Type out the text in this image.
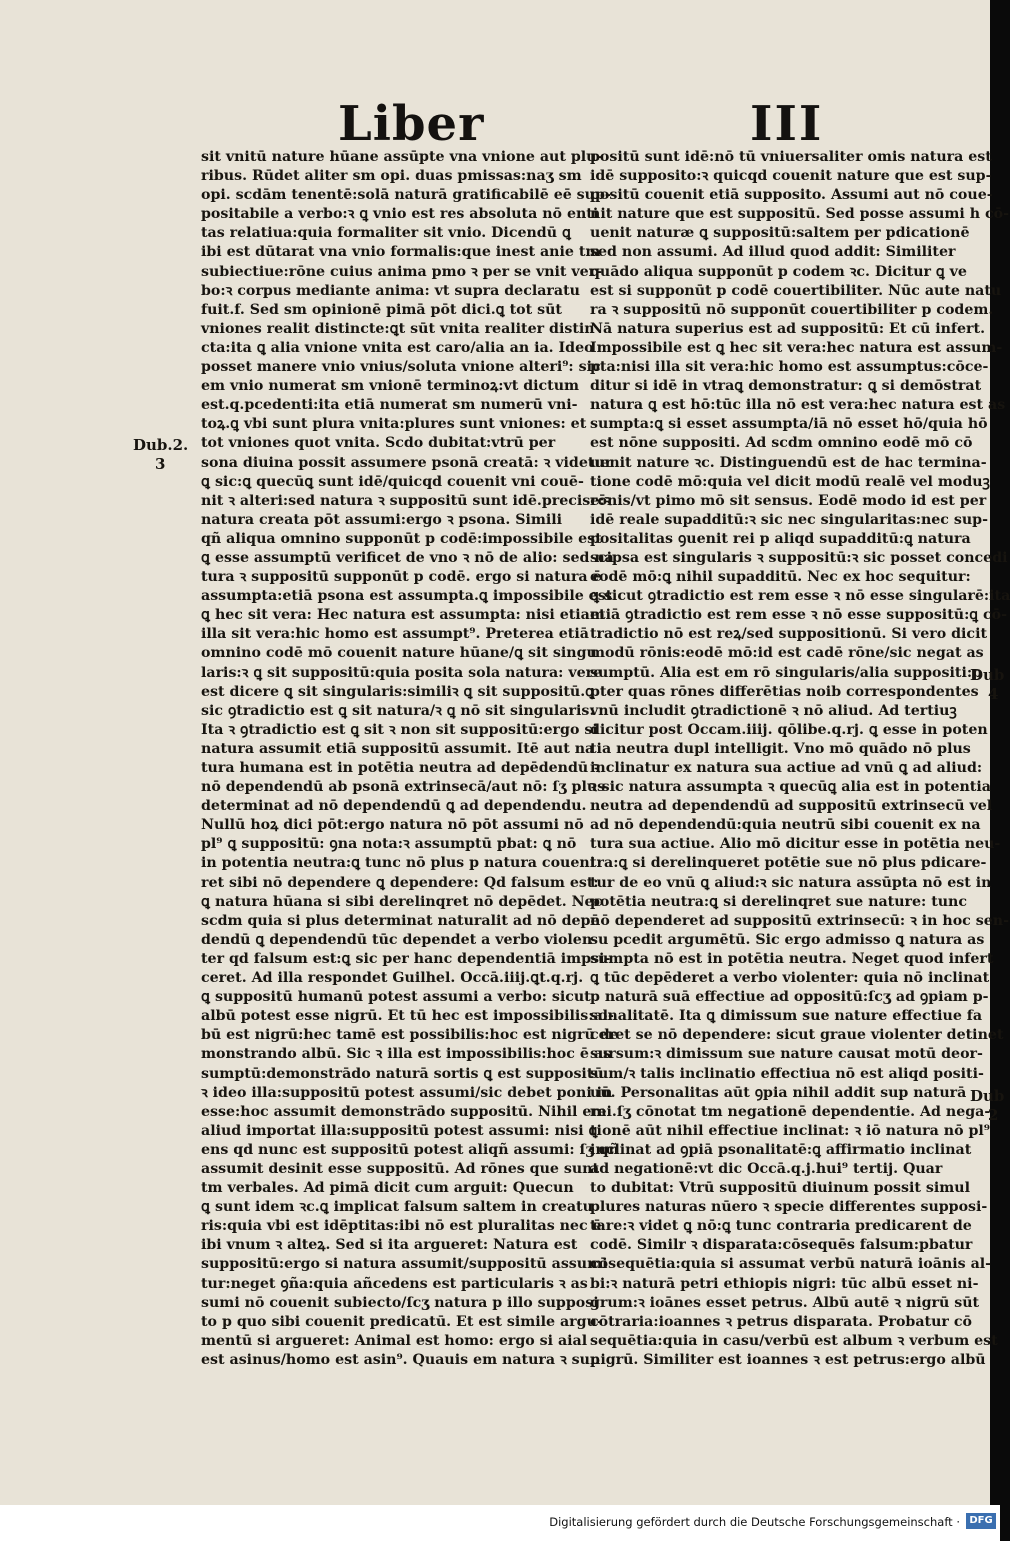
Liber	III
Dub.2.
3
Dub
4
Dub
2
sit vnitū nature hūane assūpte vna vnione aut plu-
ribus. Rūdet aliter sm opi. duas pmissas:naʒ sm
opi. scdām tenentē:solā naturā gratificabilē eē sup-
positabile a verbo:ꝛ ꝗ vnio est res absoluta nō enti
tas relatiua:quia formaliter sit vnio. Dicendū ꝗ
ibi est dūtarat vna vnio formalis:que inest anie tm
subiectiue:rōne cuius anima pmo ꝛ per se vnit ver-
bo:ꝛ corpus mediante anima: vt supra declaratu
fuit.f. Sed sm opinionē pimā pōt dici.ꝗ tot sūt
vniones realit distincte:ꝗt sūt vnita realiter distin
cta:ita ꝗ alia vnione vnita est caro/alia an ia. Ideo
posset manere vnio vnius/soluta vnione alteri⁹: sic
em vnio numerat sm vnionē terminoꝝ:vt dictum
est.q.pcedenti:ita etiā numerat sm numerū vni-
toꝝ.ꝗ vbi sunt plura vnita:plures sunt vniones: et
tot vniones quot vnita. Scdo dubitat:vtrū per
sona diuina possit assumere psonā creatā: ꝛ videtur
ꝗ sic:ꝗ quecūꝗ sunt idē/quicqd couenit vni couē-
nit ꝛ alteri:sed natura ꝛ suppositū sunt idē.precise:ꝛ
natura creata pōt assumi:ergo ꝛ psona. Simili
qñ aliqua omnino supponūt p codē:impossibile est
ꝗ esse assumptū verificet de vno ꝛ nō de alio: sed na
tura ꝛ suppositū supponūt p codē. ergo si natura ē
assumpta:etiā psona est assumpta.ꝗ impossibile est
ꝗ hec sit vera: Hec natura est assumpta: nisi etiam
illa sit vera:hic homo est assumpt⁹. Preterea etiā
omnino codē mō couenit nature hūane/ꝗ sit singu
laris:ꝛ ꝗ sit suppositū:quia posita sola natura: vere
est dicere ꝗ sit singularis:similiꝛ ꝗ sit suppositū.ꝗ
sic ꝯtradictio est ꝗ sit natura/ꝛ ꝗ nō sit singularis:
Ita ꝛ ꝯtradictio est ꝗ sit ꝛ non sit suppositū:ergo si
natura assumit etiā suppositū assumit. Itē aut na
tura humana est in potētia neutra ad depēdendū ꝛ
nō dependendū ab psonā extrinsecā/aut nō: ſʒ plus
determinat ad nō dependendū ꝗ ad dependendu.
Nullū hoꝝ dici pōt:ergo natura nō pōt assumi nō
pl⁹ ꝗ suppositū: ꝯna nota:ꝛ assumptū pbat: ꝗ nō
in potentia neutra:ꝗ tunc nō plus p natura coueni
ret sibi nō dependere ꝗ dependere: Qd falsum est:
ꝗ natura hūana si sibi derelinqret nō depēdet. Nec
scdm quia si plus determinat naturalit ad nō depē
dendū ꝗ dependendū tūc dependet a verbo violen
ter qd falsum est:ꝗ sic per hanc dependentiā impsi-
ceret. Ad illa respondet Guilhel. Occā.iiij.ꝗt.q.rj.
ꝗ suppositū humanū potest assumi a verbo: sicut
albū potest esse nigrū. Et tū hec est impossibilis:al-
bū est nigrū:hec tamē est possibilis:hoc est nigrū de
monstrando albū. Sic ꝛ illa est impossibilis:hoc ē as
sumptū:demonstrādo naturā sortis ꝗ est suppositū
ꝛ ideo illa:suppositū potest assumi/sic debet poni in
esse:hoc assumit demonstrādo suppositū. Nihil em
aliud importat illa:suppositū potest assumi: nisi ꝗ
ens qd nunc est suppositū potest aliqñ assumi: ſʒ qñ
assumit desinit esse suppositū. Ad rōnes que sunt
tm verbales. Ad pimā dicit cum arguit: Quecun
ꝗ sunt idem ꝛc.ꝗ implicat falsum saltem in creatu
ris:quia vbi est idēptitas:ibi nō est pluralitas nec ē
ibi vnum ꝛ alteꝝ. Sed si ita argueret: Natura est
suppositū:ergo si natura assumit/suppositū assumi
tur:neget ꝯña:quia añcedens est particularis ꝛ as
sumi nō couenit subiecto/ſcʒ natura p illo supposi
to p quo sibi couenit predicatū. Et est simile argu-
mentū si argueret: Animal est homo: ergo si aial
est asinus/homo est asin⁹. Quauis em natura ꝛ sup
positū sunt idē:nō tū vniuersaliter omis natura est
idē supposito:ꝛ quicqd couenit nature que est sup-
positū couenit etiā supposito. Assumi aut nō coue-
nit nature que est suppositū. Sed posse assumi h cō-
uenit naturæ ꝗ suppositū:saltem per pdicationē
sed non assumi. Ad illud quod addit: Similiter
quādo aliqua supponūt p codem ꝛc. Dicitur ꝗ ve
est si supponūt p codē couertibiliter. Nūc aute natu
ra ꝛ suppositū nō supponūt couertibiliter p codem.
Nā natura superius est ad suppositū: Et cū infert.
Impossibile est ꝗ hec sit vera:hec natura est assum-
pta:nisi illa sit vera:hic homo est assumptus:cōce-
ditur si idē in vtraꝗ demonstratur: ꝗ si demōstrat
natura ꝗ est hō:tūc illa nō est vera:hec natura est as
sumpta:ꝗ si esset assumpta/iā nō esset hō/quia hō
est nōne suppositi. Ad scdm omnino eodē mō cō
uenit nature ꝛc. Distinguendū est de hac termina-
tione codē mō:quia vel dicit modū realē vel moduꝫ
rōnis/vt pimo mō sit sensus. Eodē modo id est per
idē reale supadditū:ꝛ sic nec singularitas:nec sup-
positalitas ꝯuenit rei p aliqd supadditū:ꝗ natura
scipsa est singularis ꝛ suppositū:ꝛ sic posset concedi
eodē mō:ꝗ nihil supadditū. Nec ex hoc sequitur:
ꝗ sicut ꝯtradictio est rem esse ꝛ nō esse singularē:ita
etiā ꝯtradictio est rem esse ꝛ nō esse suppositū:ꝗ cō-
tradictio nō est reꝝ/sed suppositionū. Si vero dicit
modū rōnis:eodē mō:id est cadē rōne/sic negat as
sumptū. Alia est em rō singularis/alia suppositi:p
pter quas rōnes differētias noib correspondentes
vnū includit ꝯtradictionē ꝛ nō aliud. Ad tertiuꝫ
dicitur post Occam.iiij. qōlibe.q.rj. ꝗ esse in poten
tia neutra dupl intelligit. Vno mō quādo nō plus
inclinatur ex natura sua actiue ad vnū ꝗ ad aliud:
ꝛ sic natura assumpta ꝛ quecūꝗ alia est in potentia
neutra ad dependendū ad suppositū extrinsecū vel
ad nō dependendū:quia neutrū sibi couenit ex na
tura sua actiue. Alio mō dicitur esse in potētia neu-
tra:ꝗ si derelinqueret potētie sue nō plus pdicare-
tur de eo vnū ꝗ aliud:ꝛ sic natura assūpta nō est in
potētia neutra:ꝗ si derelinqret sue nature: tunc
nō dependeret ad suppositū extrinsecū: ꝛ in hoc sen-
su pcedit argumētū. Sic ergo admisso ꝗ natura as
sumpta nō est in potētia neutra. Neget quod infert
ꝗ tūc depēderet a verbo violenter: quia nō inclinat
p naturā suā effectiue ad oppositū:ſcʒ ad ꝯpiam p-
sonalitatē. Ita ꝗ dimissum sue nature effectiue fa
ceret se nō dependere: sicut graue violenter detinet
sursum:ꝛ dimissum sue nature causat motū deor-
sum/ꝛ talis inclinatio effectiua nō est aliqd positi-
uū. Personalitas aūt ꝯpia nihil addit sup naturā
rei.ſʒ cōnotat tm negationē dependentie. Ad nega-
tionē aūt nihil effectiue inclinat: ꝛ iō natura nō pl⁹
inclinat ad ꝯpiā psonalitatē:ꝗ affirmatio inclinat
ad negationē:vt dic Occā.q.j.hui⁹ tertij. Quar
to dubitat: Vtrū suppositū diuinum possit simul
plures naturas nūero ꝛ specie differentes supposi-
tare:ꝛ videt ꝗ nō:ꝗ tunc contraria predicarent de
codē. Similr ꝛ disparata:cōsequēs falsum:pbatur
cōsequētia:quia si assumat verbū naturā ioānis al-
bi:ꝛ naturā petri ethiopis nigri: tūc albū esset ni-
grum:ꝛ ioānes esset petrus. Albū autē ꝛ nigrū sūt
cōtraria:ioannes ꝛ petrus disparata. Probatur cō
sequētia:quia in casu/verbū est album ꝛ verbum est
nigrū. Similiter est ioannes ꝛ est petrus:ergo albū
Digitalisierung gefördert durch die Deutsche Forschungsgemeinschaft · DFG
